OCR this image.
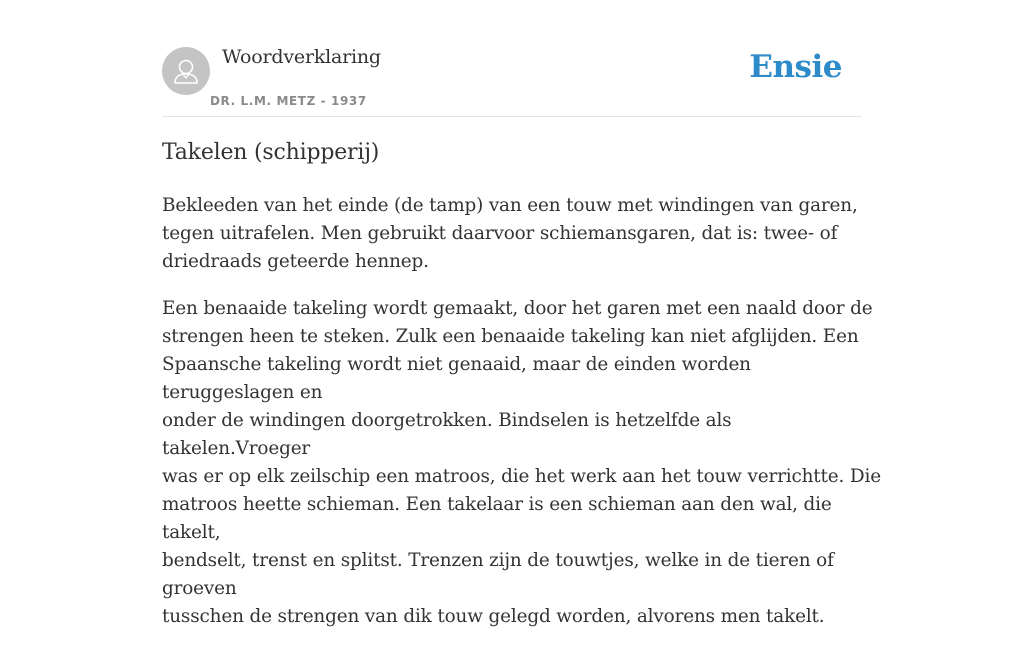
Woordverklaring
DR. L.M. METZ - 1937
Ensie
Takelen (schipperij)

Bekleeden van het einde (de tamp) van een touw met windingen van garen,
tegen uitrafelen. Men gebruikt daarvoor schiemansgaren, dat is: twee- of
driedraads geteerde hennep.

Een benaaide takeling wordt gemaakt, door het garen met een naald door de
strengen heen te steken. Zulk een benaaide takeling kan niet afglijden. Een
Spaansche takeling wordt niet genaaid, maar de einden worden teruggeslagen en
onder de windingen doorgetrokken. Bindselen is hetzelfde als takelen.Vroeger
was er op elk zeilschip een matroos, die het werk aan het touw verrichtte. Die
matroos heette schieman. Een takelaar is een schieman aan den wal, die takelt,
bendselt, trenst en splitst. Trenzen zijn de touwtjes, welke in de tieren of groeven
tusschen de strengen van dik touw gelegd worden, alvorens men takelt.
